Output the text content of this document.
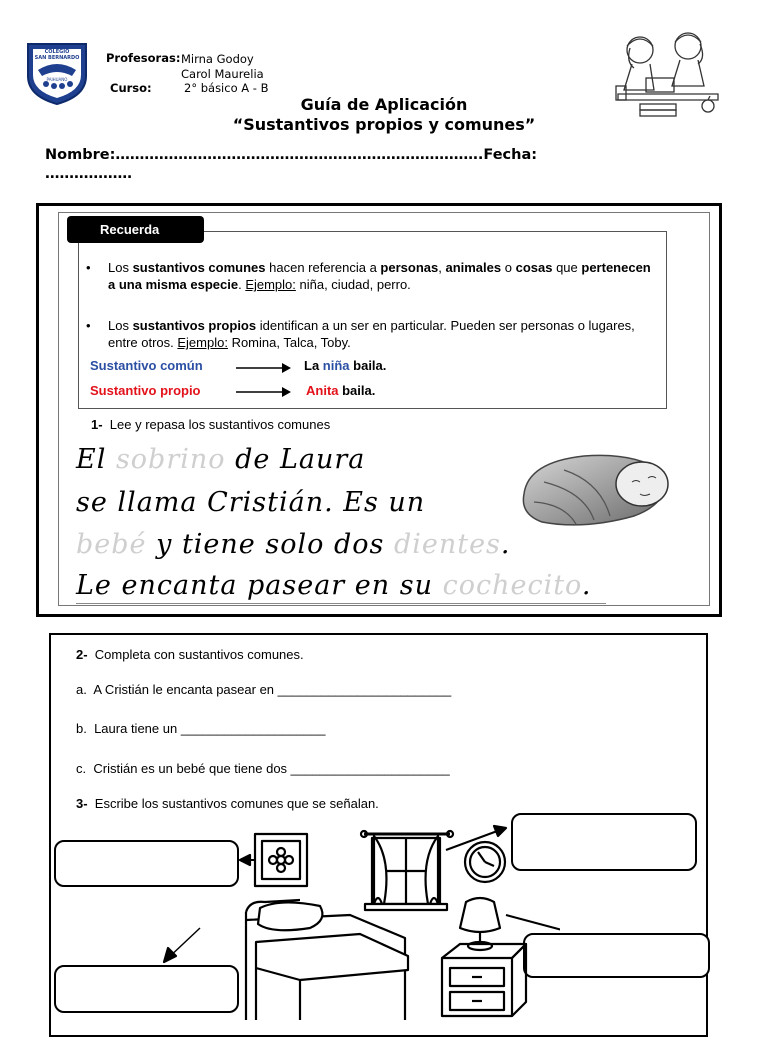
COLEGIO
SAN BERNARDO
PAIHUANO
Profesoras: Mirna Godoy
Carol Maurelia
Curso:	2° básico A - B
Guía de Aplicación
“Sustantivos propios y comunes”
Nombre:………………………………………………………………….Fecha:
………………
Recuerda
• Los sustantivos comunes hacen referencia a personas, animales o cosas que pertenecen a una misma especie. Ejemplo: niña, ciudad, perro.
• Los sustantivos propios identifican a un ser en particular. Pueden ser personas o lugares, entre otros. Ejemplo: Romina, Talca, Toby.
Sustantivo común	La niña baila.
Sustantivo propio	Anita baila.
1- Lee y repasa los sustantivos comunes
El sobrino de Laura
se llama Cristián. Es un
bebé y tiene solo dos dientes.
Le encanta pasear en su cochecito.
2- Completa con sustantivos comunes.
a. A Cristián le encanta pasear en ________________________
b. Laura tiene un ____________________
c. Cristián es un bebé que tiene dos ______________________
3- Escribe los sustantivos comunes que se señalan.
